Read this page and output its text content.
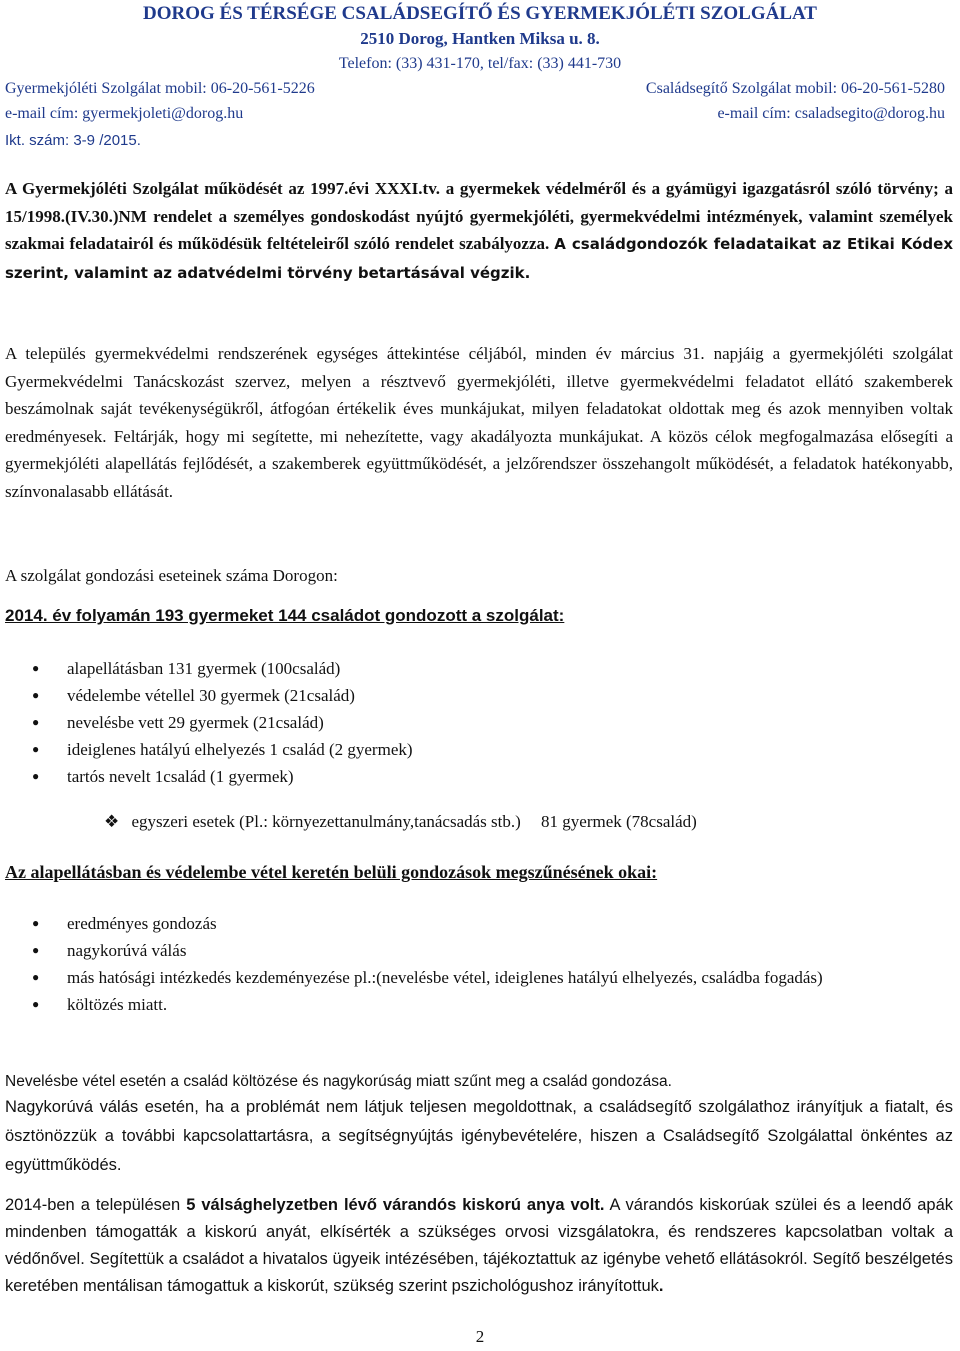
DOROG ÉS TÉRSÉGE CSALÁDSEGÍTŐ ÉS GYERMEKJÓLÉTI SZOLGÁLAT
2510 Dorog, Hantken Miksa u. 8.
Telefon: (33) 431-170, tel/fax: (33) 441-730
Gyermekjóléti Szolgálat mobil: 06-20-561-5226	Családsegítő Szolgálat mobil: 06-20-561-5280
e-mail cím: gyermekjoleti@dorog.hu	e-mail cím: csaladsegito@dorog.hu
Ikt. szám: 3-9 /2015.
A Gyermekjóléti Szolgálat működését az 1997.évi XXXI.tv. a gyermekek védelméről és a gyámügyi igazgatásról szóló törvény; a 15/1998.(IV.30.)NM rendelet a személyes gondoskodást nyújtó gyermekjóléti, gyermekvédelmi intézmények, valamint személyek szakmai feladatairól és működésük feltételeiről szóló rendelet szabályozza. A családgondozók feladataikat az Etikai Kódex szerint, valamint az adatvédelmi törvény betartásával végzik.
A település gyermekvédelmi rendszerének egységes áttekintése céljából, minden év március 31. napjáig a gyermekjóléti szolgálat Gyermekvédelmi Tanácskozást szervez, melyen a résztvevő gyermekjóléti, illetve gyermekvédelmi feladatot ellátó szakemberek beszámolnak saját tevékenységükről, átfogóan értékelik éves munkájukat, milyen feladatokat oldottak meg és azok mennyiben voltak eredményesek. Feltárják, hogy mi segítette, mi nehezítette, vagy akadályozta munkájukat. A közös célok megfogalmazása elősegíti a gyermekjóléti alapellátás fejlődését, a szakemberek együttműködését, a jelzőrendszer összehangolt működését, a feladatok hatékonyabb, színvonalasabb ellátását.
A szolgálat gondozási eseteinek száma Dorogon:
2014. év folyamán 193 gyermeket 144 családot gondozott a szolgálat:
● alapellátásban 131 gyermek (100család)
● védelembe vétellel 30 gyermek (21család)
● nevelésbe vett 29 gyermek (21család)
● ideiglenes hatályú elhelyezés 1 család (2 gyermek)
● tartós nevelt 1család (1 gyermek)
❖ egyszeri esetek (Pl.: környezettanulmány,tanácsadás stb.) 81 gyermek (78család)
Az alapellátásban és védelembe vétel keretén belüli gondozások megszűnésének okai:
● eredményes gondozás
● nagykorúvá válás
● más hatósági intézkedés kezdeményezése pl.:(nevelésbe vétel, ideiglenes hatályú elhelyezés, családba fogadás)
● költözés miatt.
Nevelésbe vétel esetén a család költözése és nagykorúság miatt szűnt meg a család gondozása.
Nagykorúvá válás esetén, ha a problémát nem látjuk teljesen megoldottnak, a családsegítő szolgálathoz irányítjuk a fiatalt, és ösztönözzük a további kapcsolattartásra, a segítségnyújtás igénybevételére, hiszen a Családsegítő Szolgálattal önkéntes az együttműködés.
2014-ben a településen 5 válsághelyzetben lévő várandós kiskorú anya volt. A várandós kiskorúak szülei és a leendő apák mindenben támogatták a kiskorú anyát, elkísérték a szükséges orvosi vizsgálatokra, és rendszeres kapcsolatban voltak a védőnővel. Segítettük a családot a hivatalos ügyeik intézésében, tájékoztattuk az igénybe vehető ellátásokról. Segítő beszélgetés keretében mentálisan támogattuk a kiskorút, szükség szerint pszichológushoz irányítottuk.
2
